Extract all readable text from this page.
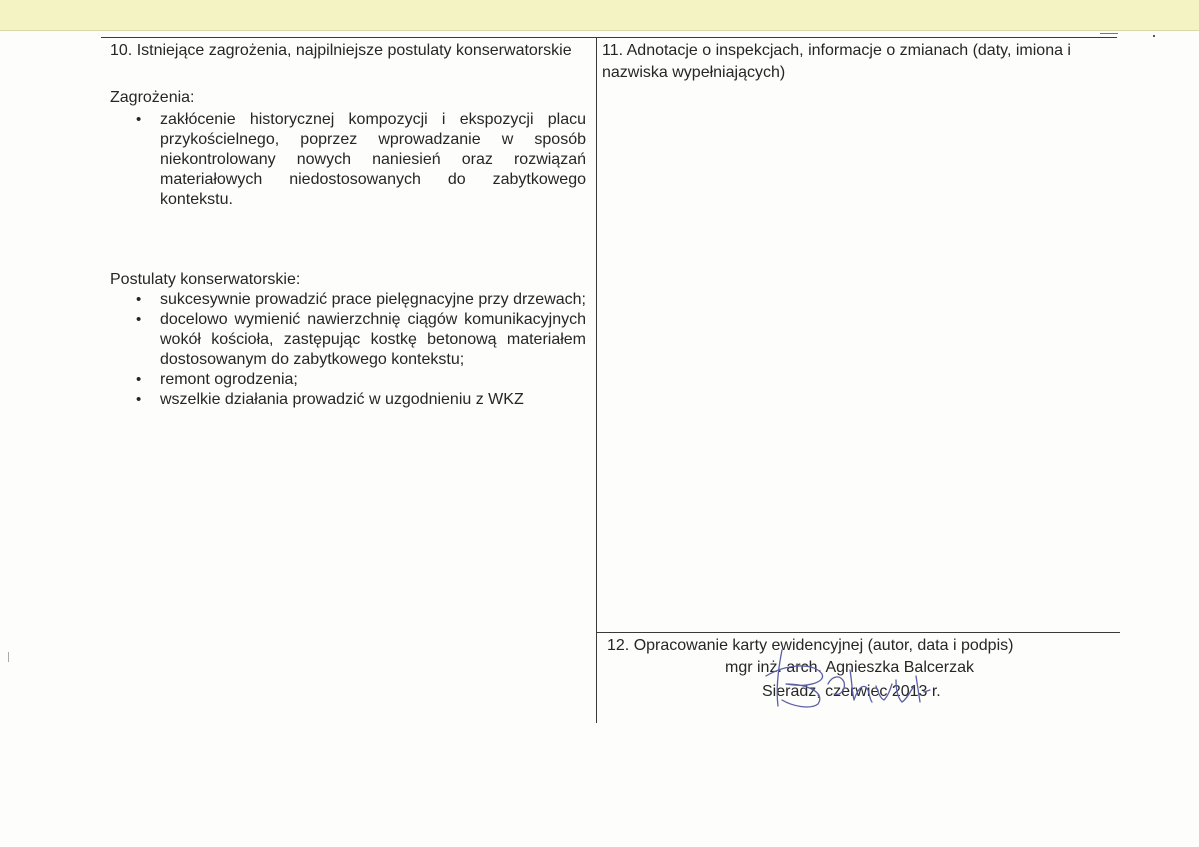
10. Istniejące zagrożenia, najpilniejsze postulaty konserwatorskie

Zagrożenia:

• zakłócenie historycznej kompozycji i ekspozycji placu przykościelnego, poprzez wprowadzanie w sposób niekontrolowany nowych naniesień oraz rozwiązań materiałowych niedostosowanych do zabytkowego kontekstu.

Postulaty konserwatorskie:

• sukcesywnie prowadzić prace pielęgnacyjne przy drzewach;
• docelowo wymienić nawierzchnię ciągów komunikacyjnych wokół kościoła, zastępując kostkę betonową materiałem dostosowanym do zabytkowego kontekstu;
• remont ogrodzenia;
• wszelkie działania prowadzić w uzgodnieniu z WKZ

11. Adnotacje o inspekcjach, informacje o zmianach (daty, imiona i nazwiska wypełniających)

12. Opracowanie karty ewidencyjnej (autor, data i podpis)

mgr inż. arch. Agnieszka Balcerzak

Sieradz, czerwiec 2013 r.
